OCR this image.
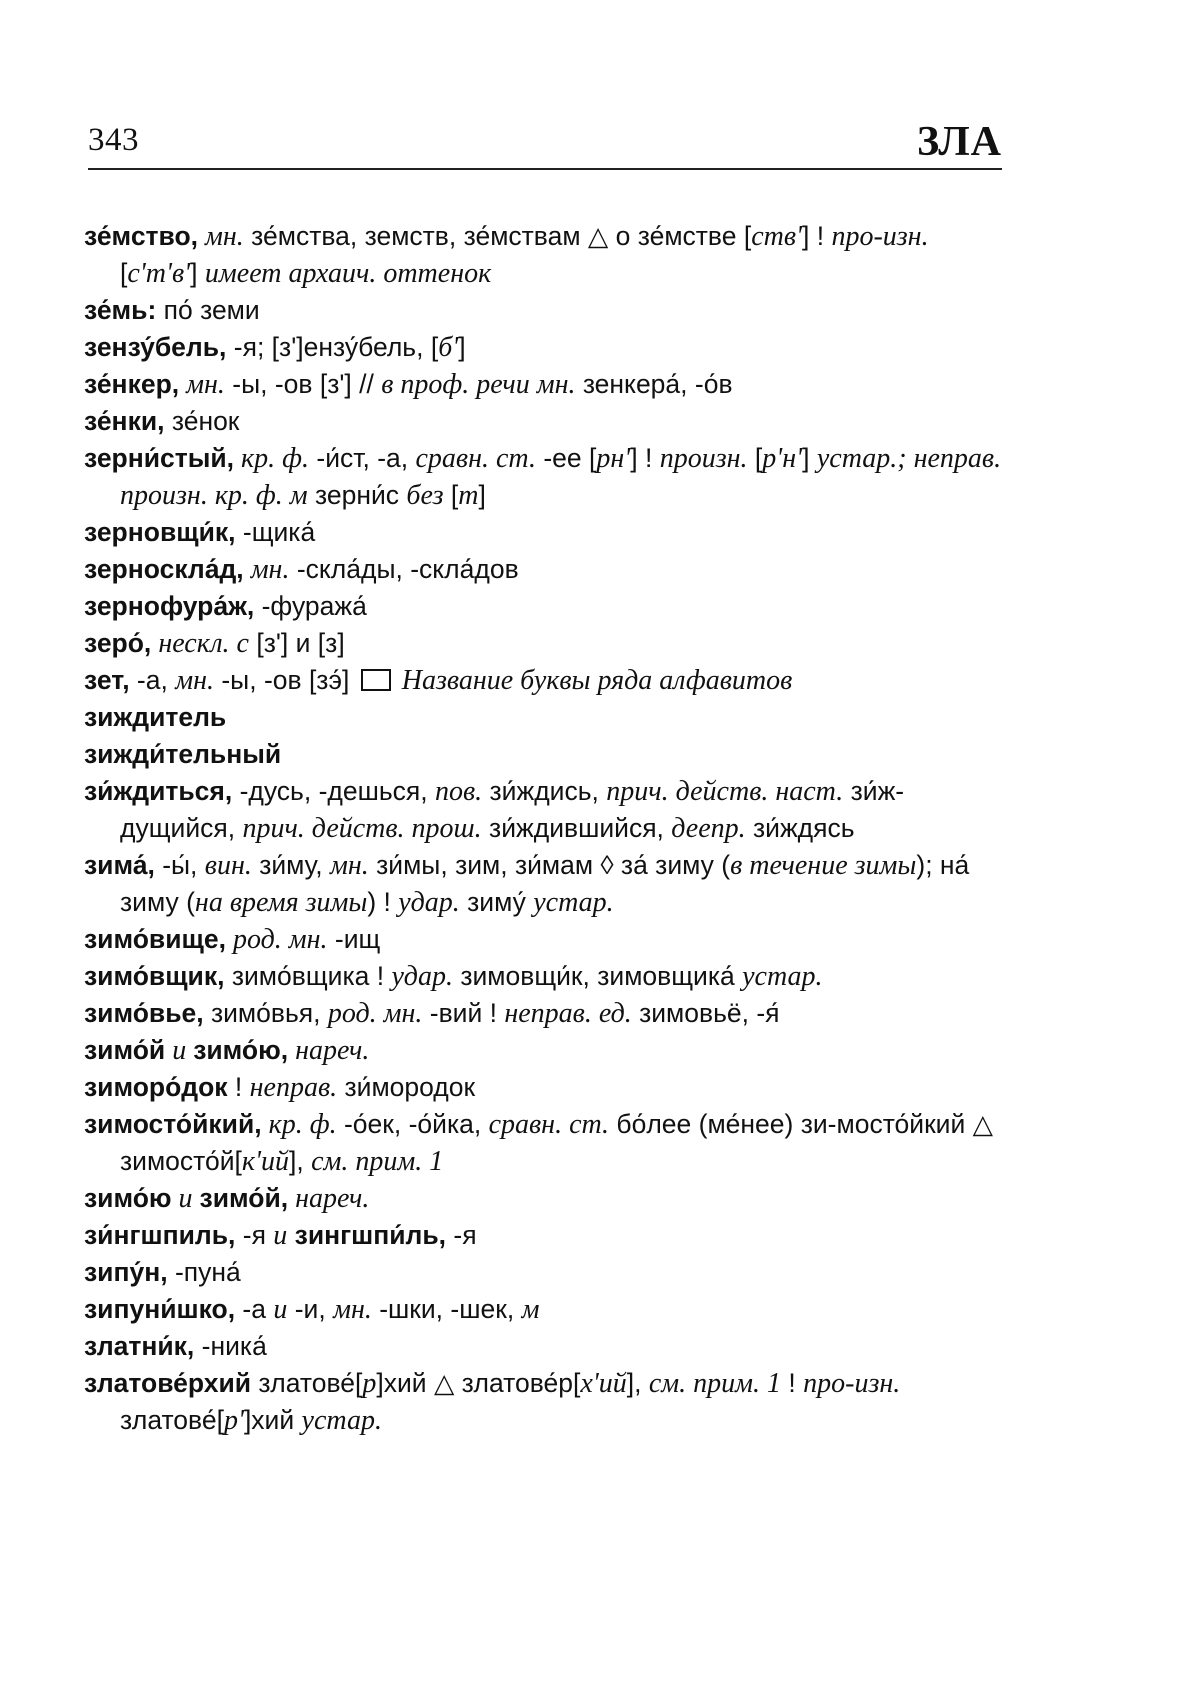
343	ЗЛА

зе́мство, мн. зе́мства, земств, зе́мствам △ о зе́мстве [ств'] ! про-изн. [с'т'в'] имеет архаич. оттенок

зе́мь: по́ земи

зензу́бель, -я; [з']ензу́бель, [б']

зе́нкер, мн. -ы, -ов [з'] // в проф. речи мн. зенкера́, -о́в

зе́нки, зе́нок

зерни́стый, кр. ф. -и́ст, -а, сравн. ст. -ее [рн'] ! произн. [р'н'] устар.; неправ. произн. кр. ф. м зерни́с без [т]

зерновщи́к, -щика́

зерноскла́д, мн. -скла́ды, -скла́дов

зернофура́ж, -фуража́

зеро́, нескл. с [з'] и [з]

зет, -а, мн. -ы, -ов [зэ́]  Название буквы ряда алфавитов

зиждитель

зижди́тельный

зи́ждиться, -дусь, -дешься, пов. зи́ждись, прич. действ. наст. зи́ж-дущийся, прич. действ. прош. зи́ждившийся, деепр. зи́ждясь

зима́, -ы́, вин. зи́му, мн. зи́мы, зим, зи́мам ◊ за́ зиму (в течение зимы); на́ зиму (на время зимы) ! удар. зиму́ устар.

зимо́вище, род. мн. -ищ

зимо́вщик, зимо́вщика ! удар. зимовщи́к, зимовщика́ устар.

зимо́вье, зимо́вья, род. мн. -вий ! неправ. ед. зимовьё, -я́

зимо́й и зимо́ю, нареч.

зимоpо́док ! неправ. зи́мородок

зимосто́йкий, кр. ф. -о́ек, -о́йка, сравн. ст. бо́лее (ме́нее) зи-мосто́йкий △ зимосто́й[к'ий], см. прим. 1

зимо́ю и зимо́й, нареч.

зи́нгшпиль, -я и зингшпи́ль, -я

зипу́н, -пуна́

зипуни́шко, -а и -и, мн. -шки, -шек, м

златни́к, -ника́

златове́рхий златове́[р]хий △ златове́р[х'ий], см. прим. 1 ! про-изн. златове́[р']хий устар.
